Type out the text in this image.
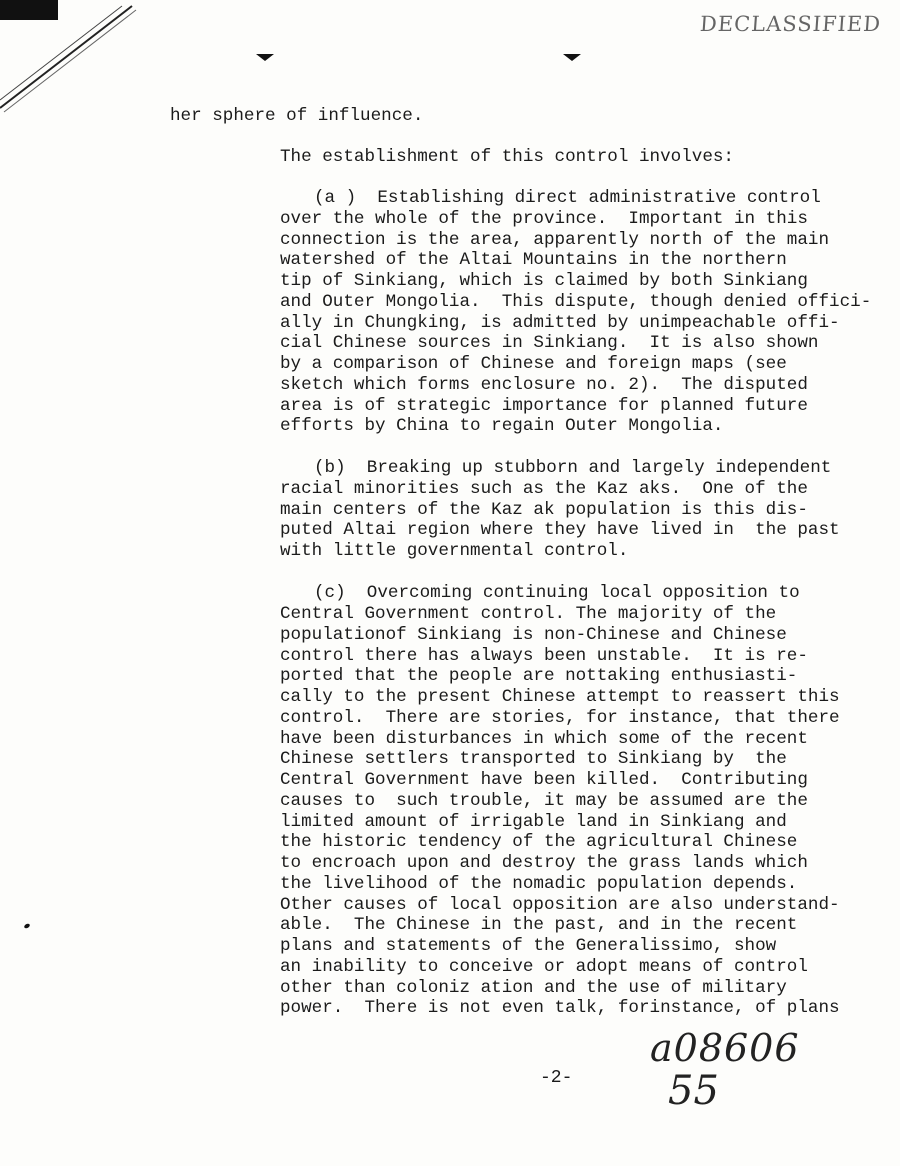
DECLASSIFIED
her sphere of influence.
The establishment of this control involves:
(a )  Establishing direct administrative control
over the whole of the province.  Important in this
connection is the area, apparently north of the main
watershed of the Altai Mountains in the northern
tip of Sinkiang, which is claimed by both Sinkiang
and Outer Mongolia.  This dispute, though denied offici-
ally in Chungking, is admitted by unimpeachable offi-
cial Chinese sources in Sinkiang.  It is also shown
by a comparison of Chinese and foreign maps (see
sketch which forms enclosure no. 2).  The disputed
area is of strategic importance for planned future
efforts by China to regain Outer Mongolia.
(b)  Breaking up stubborn and largely independent
racial minorities such as the Kaz aks.  One of the
main centers of the Kaz ak population is this dis-
puted Altai region where they have lived in  the past
with little governmental control.
(c)  Overcoming continuing local opposition to
Central Government control. The majority of the
populationof Sinkiang is non-Chinese and Chinese
control there has always been unstable.  It is re-
ported that the people are nottaking enthusiasti-
cally to the present Chinese attempt to reassert this
control.  There are stories, for instance, that there
have been disturbances in which some of the recent
Chinese settlers transported to Sinkiang by  the
Central Government have been killed.  Contributing
causes to  such trouble, it may be assumed are the
limited amount of irrigable land in Sinkiang and
the historic tendency of the agricultural Chinese
to encroach upon and destroy the grass lands which
the livelihood of the nomadic population depends.
Other causes of local opposition are also understand-
able.  The Chinese in the past, and in the recent
plans and statements of the Generalissimo, show
an inability to conceive or adopt means of control
other than coloniz ation and the use of military
power.  There is not even talk, forinstance, of plans
-2-
a08606
55
